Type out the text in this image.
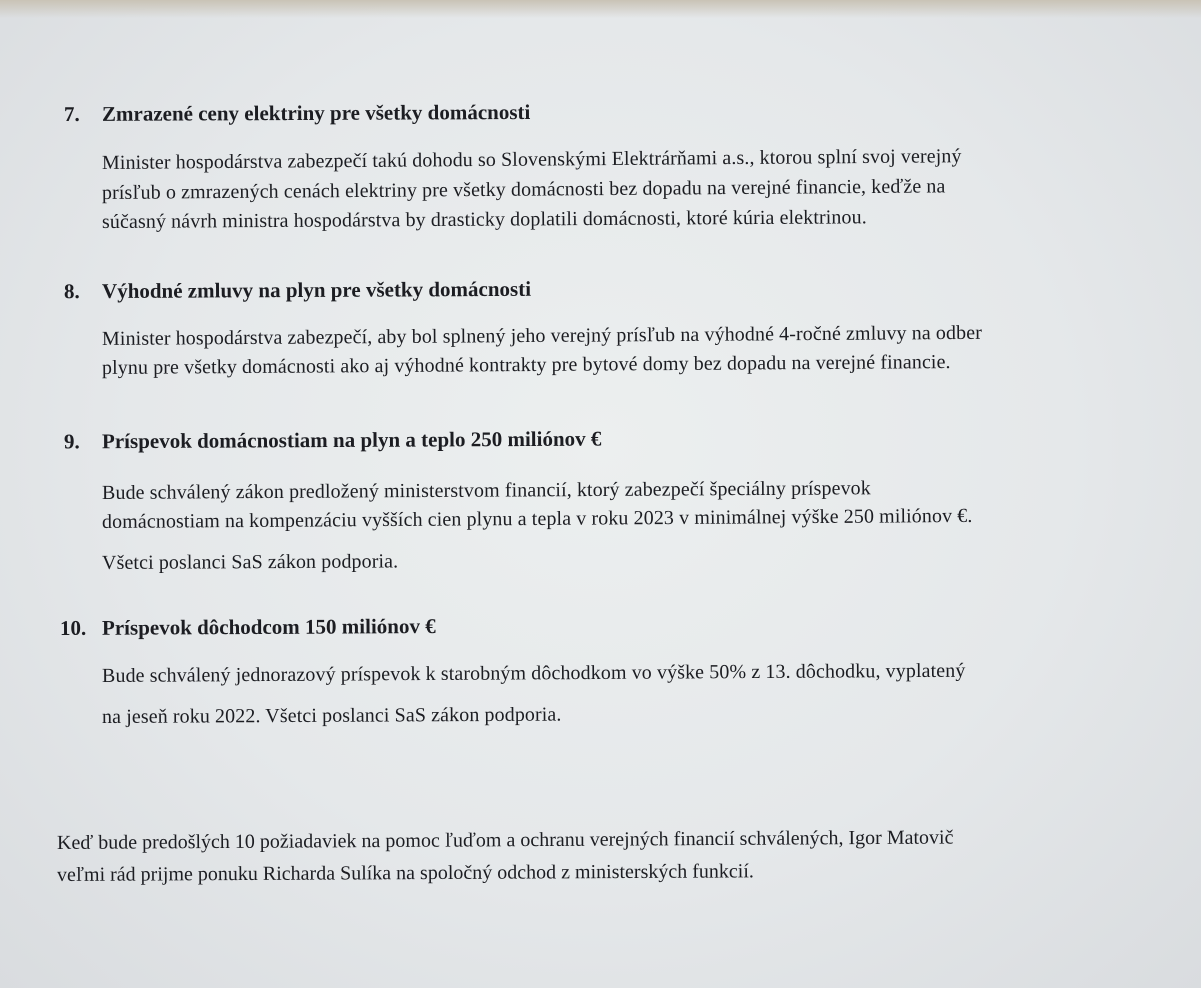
7. Zmrazené ceny elektriny pre všetky domácnosti
Minister hospodárstva zabezpečí takú dohodu so Slovenskými Elektrárňami a.s., ktorou splní svoj verejný
prísľub o zmrazených cenách elektriny pre všetky domácnosti bez dopadu na verejné financie, keďže na
súčasný návrh ministra hospodárstva by drasticky doplatili domácnosti, ktoré kúria elektrinou.
8. Výhodné zmluvy na plyn pre všetky domácnosti
Minister hospodárstva zabezpečí, aby bol splnený jeho verejný prísľub na výhodné 4-ročné zmluvy na odber
plynu pre všetky domácnosti ako aj výhodné kontrakty pre bytové domy bez dopadu na verejné financie.
9. Príspevok domácnostiam na plyn a teplo 250 miliónov €
Bude schválený zákon predložený ministerstvom financií, ktorý zabezpečí špeciálny príspevok
domácnostiam na kompenzáciu vyšších cien plynu a tepla v roku 2023 v minimálnej výške 250 miliónov €.
Všetci poslanci SaS zákon podporia.
10. Príspevok dôchodcom 150 miliónov €
Bude schválený jednorazový príspevok k starobným dôchodkom vo výške 50% z 13. dôchodku, vyplatený
na jeseň roku 2022. Všetci poslanci SaS zákon podporia.
Keď bude predošlých 10 požiadaviek na pomoc ľuďom a ochranu verejných financií schválených, Igor Matovič
veľmi rád prijme ponuku Richarda Sulíka na spoločný odchod z ministerských funkcií.
